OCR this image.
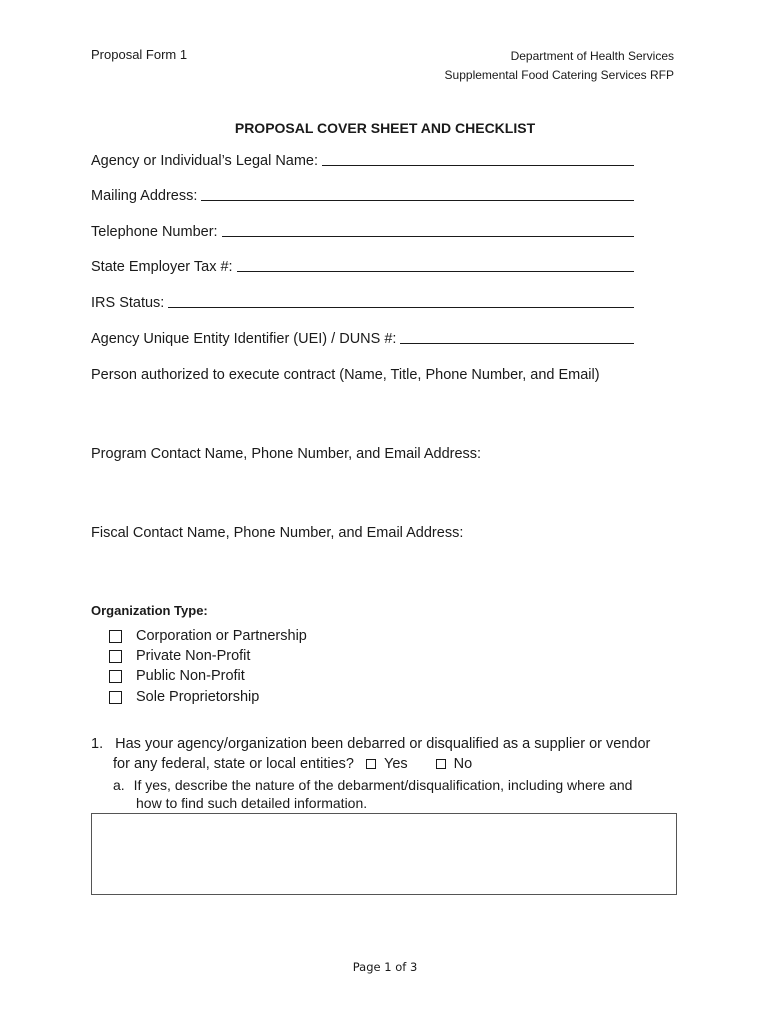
Proposal Form 1	Department of Health Services
Supplemental Food Catering Services RFP
PROPOSAL COVER SHEET AND CHECKLIST
Agency or Individual’s Legal Name:
Mailing Address:
Telephone Number:
State Employer Tax #:
IRS Status:
Agency Unique Entity Identifier (UEI) / DUNS #:
Person authorized to execute contract (Name, Title, Phone Number, and Email)
Program Contact Name, Phone Number, and Email Address:
Fiscal Contact Name, Phone Number, and Email Address:
Organization Type:
Corporation or Partnership
Private Non-Profit
Public Non-Profit
Sole Proprietorship
1. Has your agency/organization been debarred or disqualified as a supplier or vendor
for any federal, state or local entities? Yes	No
a. If yes, describe the nature of the debarment/disqualification, including where and
how to find such detailed information.
Page 1 of 3
